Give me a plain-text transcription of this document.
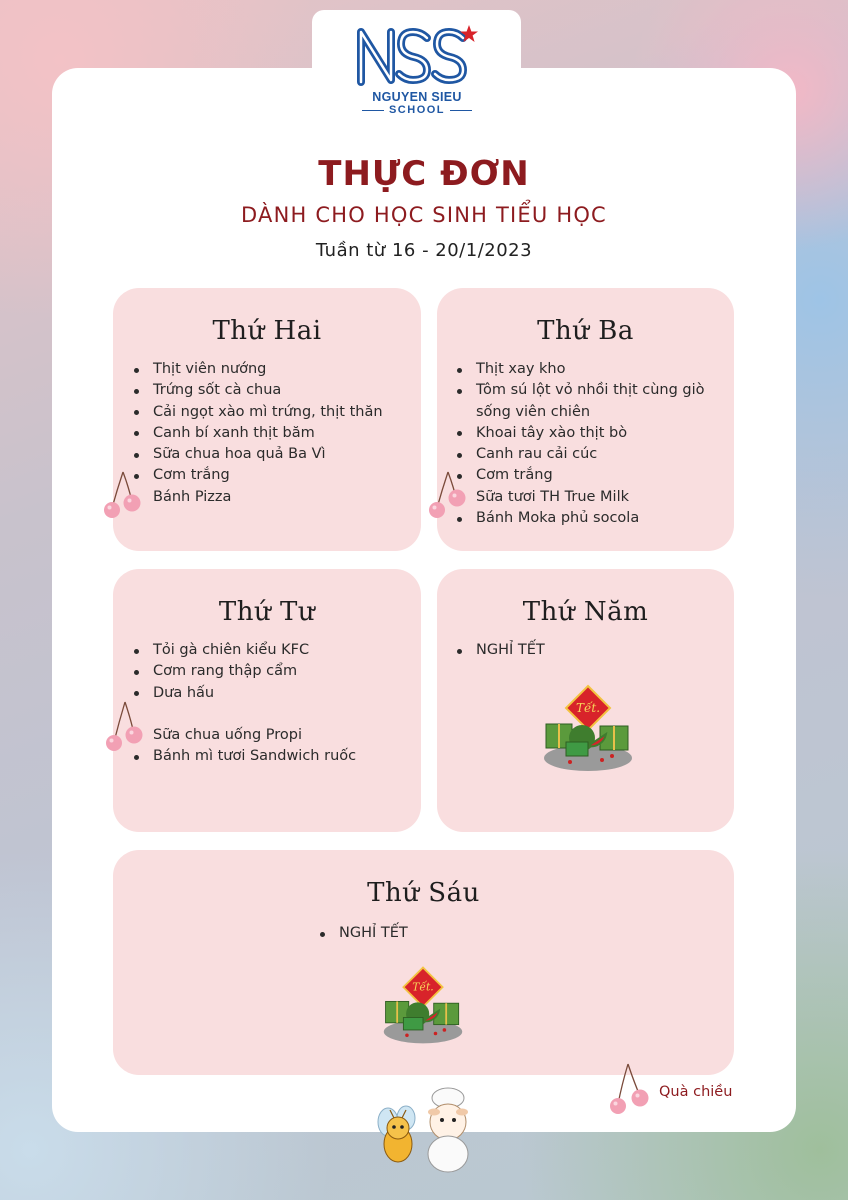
NGUYEN SIEU
SCHOOL
THỰC ĐƠN
DÀNH CHO HỌC SINH TIỂU HỌC
Tuần từ 16 - 20/1/2023
Thứ Hai
Thịt viên nướng
Trứng sốt cà chua
Cải ngọt xào mì trứng, thịt thăn
Canh bí xanh thịt băm
Sữa chua hoa quả Ba Vì
Cơm trắng
Bánh Pizza
Thứ Ba
Thịt xay kho
Tôm sú lột vỏ nhồi thịt cùng giò sống viên chiên
Khoai tây xào thịt bò
Canh rau cải cúc
Cơm trắng
Sữa tươi TH True Milk
Bánh Moka phủ socola
Thứ Tư
Tỏi gà chiên kiểu KFC
Cơm rang thập cẩm
Dưa hấu
Sữa chua uống Propi
Bánh mì tươi Sandwich ruốc
Thứ Năm
NGHỈ TẾT
Thứ Sáu
NGHỈ TẾT
Quà chiều
Tết.
Tết.
